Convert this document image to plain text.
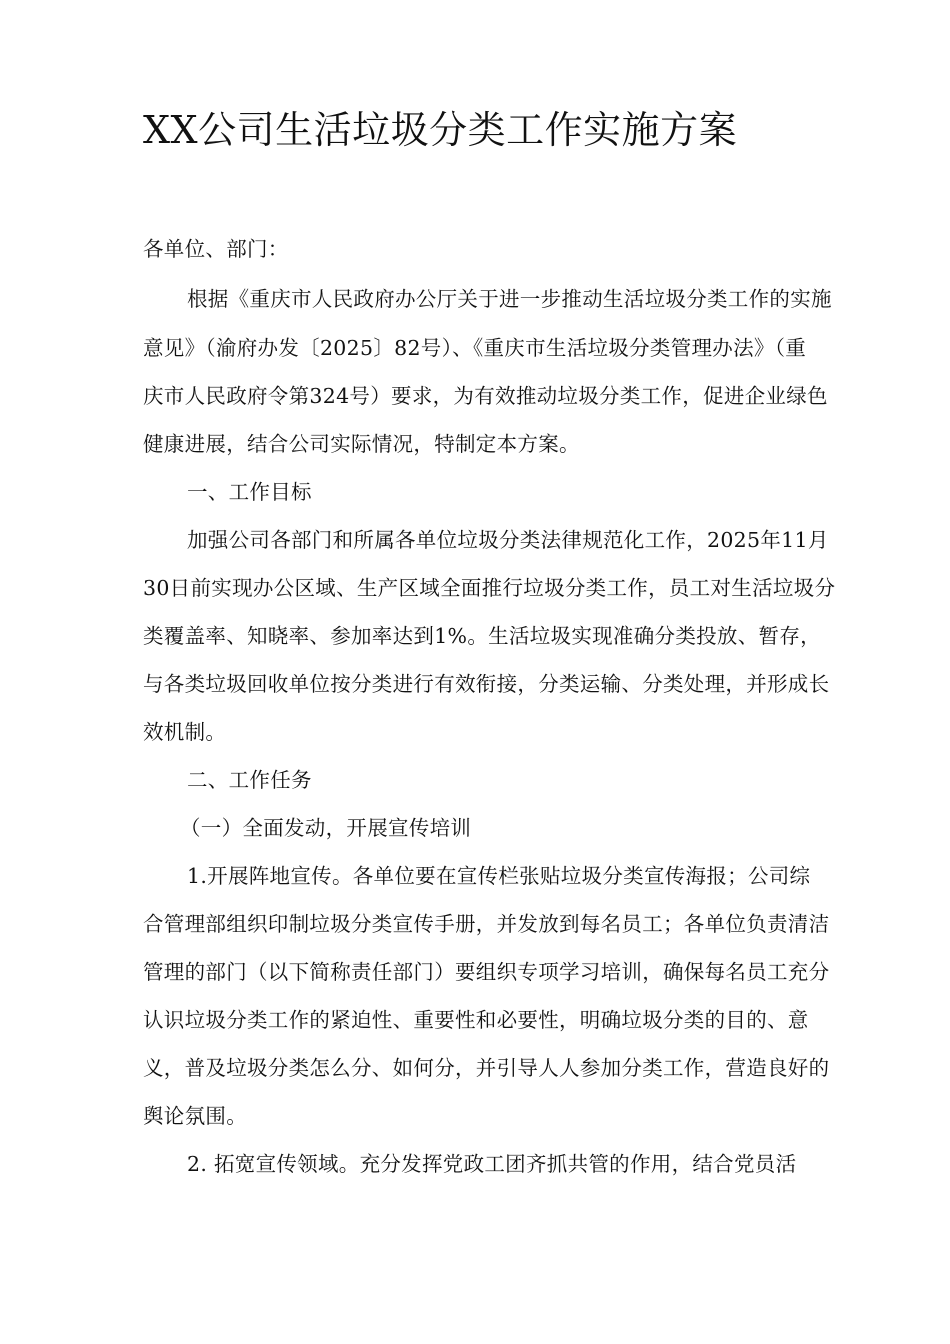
XX公司生活垃圾分类工作实施方案
各单位、部门：
根据《重庆市人民政府办公厅关于进一步推动生活垃圾分类工作的实施
意见》（渝府办发〔2025〕82号）、《重庆市生活垃圾分类管理办法》（重
庆市人民政府令第324号）要求，为有效推动垃圾分类工作，促进企业绿色
健康进展，结合公司实际情况，特制定本方案。
一、工作目标
加强公司各部门和所属各单位垃圾分类法律规范化工作，2025年11月
30日前实现办公区域、生产区域全面推行垃圾分类工作，员工对生活垃圾分
类覆盖率、知晓率、参加率达到1%。生活垃圾实现准确分类投放、暂存，
与各类垃圾回收单位按分类进行有效衔接，分类运输、分类处理，并形成长
效机制。
二、工作任务
（一）全面发动，开展宣传培训
1.开展阵地宣传。各单位要在宣传栏张贴垃圾分类宣传海报；公司综
合管理部组织印制垃圾分类宣传手册，并发放到每名员工；各单位负责清洁
管理的部门（以下简称责任部门）要组织专项学习培训，确保每名员工充分
认识垃圾分类工作的紧迫性、重要性和必要性，明确垃圾分类的目的、意
义，普及垃圾分类怎么分、如何分，并引导人人参加分类工作，营造良好的
舆论氛围。
2. 拓宽宣传领域。充分发挥党政工团齐抓共管的作用，结合党员活
